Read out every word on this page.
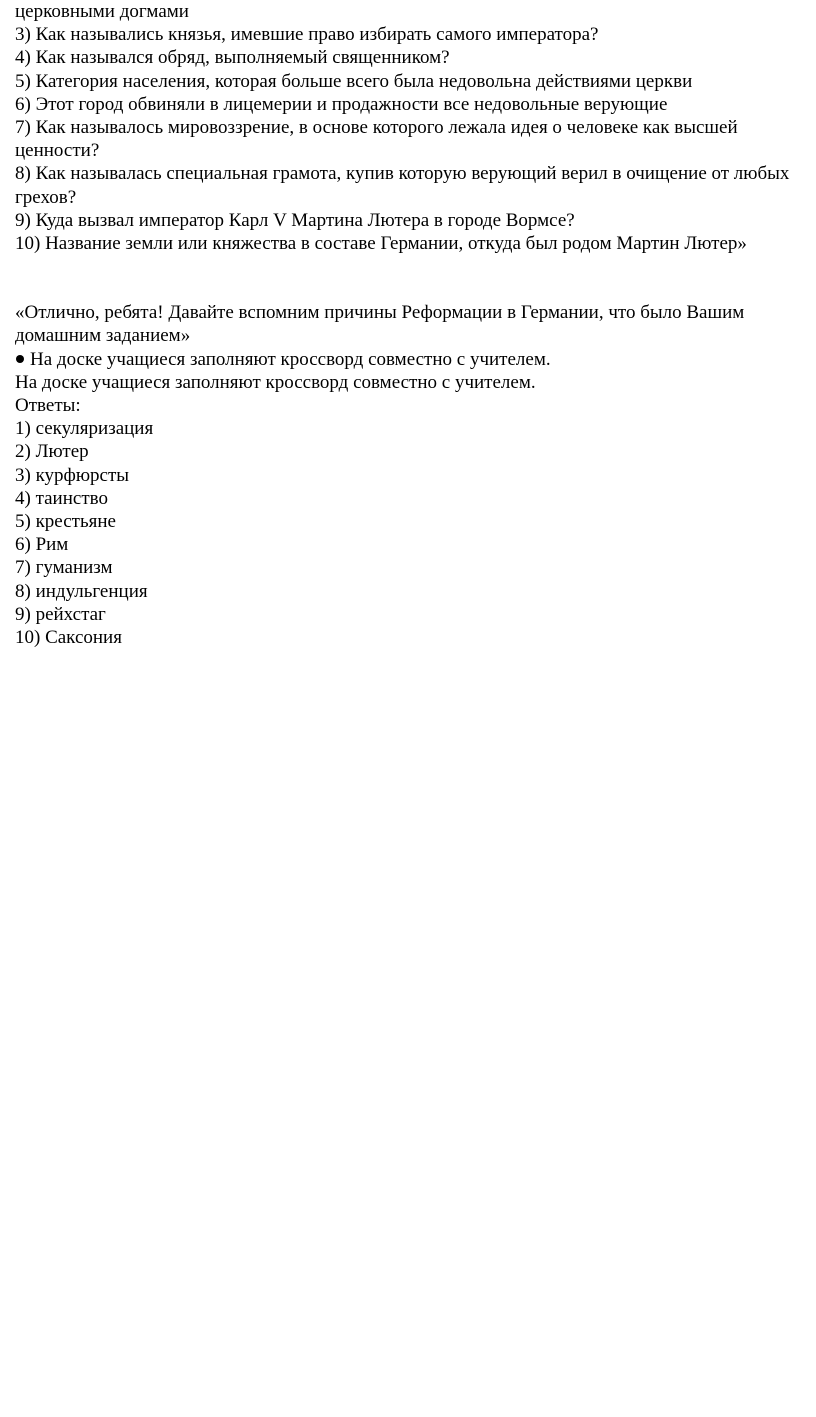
церковными догмами
3) Как назывались князья, имевшие право избирать самого императора?
4) Как назывался обряд, выполняемый священником?
5) Категория населения, которая больше всего была недовольна действиями церкви
6) Этот город обвиняли в лицемерии и продажности все недовольные верующие
7) Как называлось мировоззрение, в основе которого лежала идея о человеке как высшей ценности?
8) Как называлась специальная грамота, купив которую верующий верил в очищение от любых грехов?
9) Куда вызвал император Карл V Мартина Лютера в городе Вормсе?
10) Название земли или княжества в составе Германии, откуда был родом Мартин Лютер»
«Отлично, ребята! Давайте вспомним причины Реформации в Германии, что было Вашим домашним заданием»
На доске учащиеся заполняют кроссворд совместно с учителем.
На доске учащиеся заполняют кроссворд совместно с учителем.
Ответы:
1) секуляризация
2) Лютер
3) курфюрсты
4) таинство
5) крестьяне
6) Рим
7) гуманизм
8) индульгенция
9) рейхстаг
10) Саксония
